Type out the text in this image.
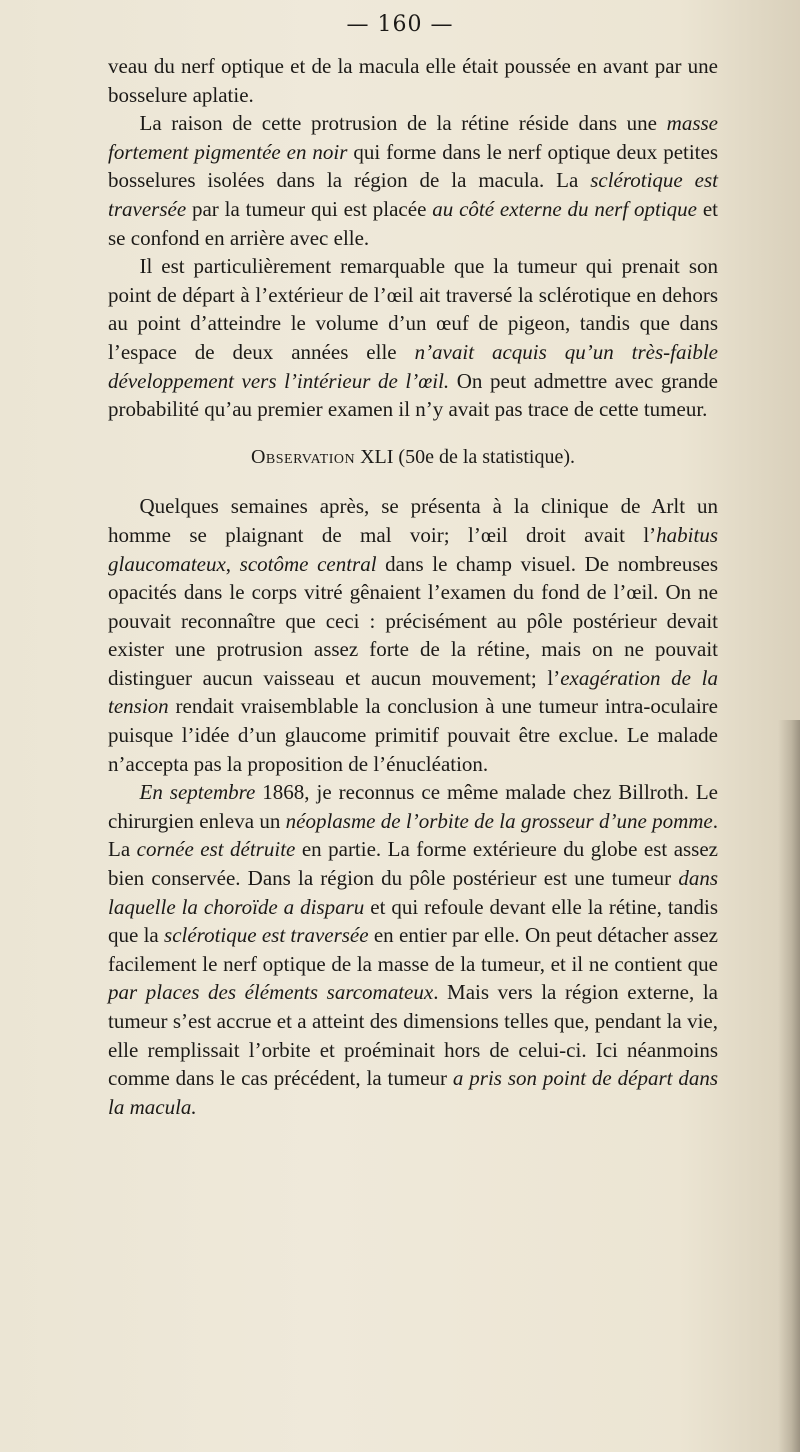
— 160 —

veau du nerf optique et de la macula elle était poussée en avant par une bosselure aplatie.

La raison de cette protrusion de la rétine réside dans une masse fortement pigmentée en noir qui forme dans le nerf optique deux petites bosselures isolées dans la région de la macula. La sclérotique est traversée par la tumeur qui est placée au côté externe du nerf optique et se confond en arrière avec elle.

Il est particulièrement remarquable que la tumeur qui prenait son point de départ à l’extérieur de l’œil ait traversé la sclérotique en dehors au point d’atteindre le volume d’un œuf de pigeon, tandis que dans l’espace de deux années elle n’avait acquis qu’un très-faible développement vers l’intérieur de l’œil. On peut admettre avec grande probabilité qu’au premier examen il n’y avait pas trace de cette tumeur.

Observation XLI (50e de la statistique).

Quelques semaines après, se présenta à la clinique de Arlt un homme se plaignant de mal voir; l’œil droit avait l’habitus glaucomateux, scotôme central dans le champ visuel. De nombreuses opacités dans le corps vitré gênaient l’examen du fond de l’œil. On ne pouvait reconnaître que ceci : précisément au pôle postérieur devait exister une protrusion assez forte de la rétine, mais on ne pouvait distinguer aucun vaisseau et aucun mouvement; l’exagération de la tension rendait vraisemblable la conclusion à une tumeur intra-oculaire puisque l’idée d’un glaucome primitif pouvait être exclue. Le malade n’accepta pas la proposition de l’énucléation.

En septembre 1868, je reconnus ce même malade chez Billroth. Le chirurgien enleva un néoplasme de l’orbite de la grosseur d’une pomme. La cornée est détruite en partie. La forme extérieure du globe est assez bien conservée. Dans la région du pôle postérieur est une tumeur dans laquelle la choroïde a disparu et qui refoule devant elle la rétine, tandis que la sclérotique est traversée en entier par elle. On peut détacher assez facilement le nerf optique de la masse de la tumeur, et il ne contient que par places des éléments sarcomateux. Mais vers la région externe, la tumeur s’est accrue et a atteint des dimensions telles que, pendant la vie, elle remplissait l’orbite et proéminait hors de celui-ci. Ici néanmoins comme dans le cas précédent, la tumeur a pris son point de départ dans la macula.
